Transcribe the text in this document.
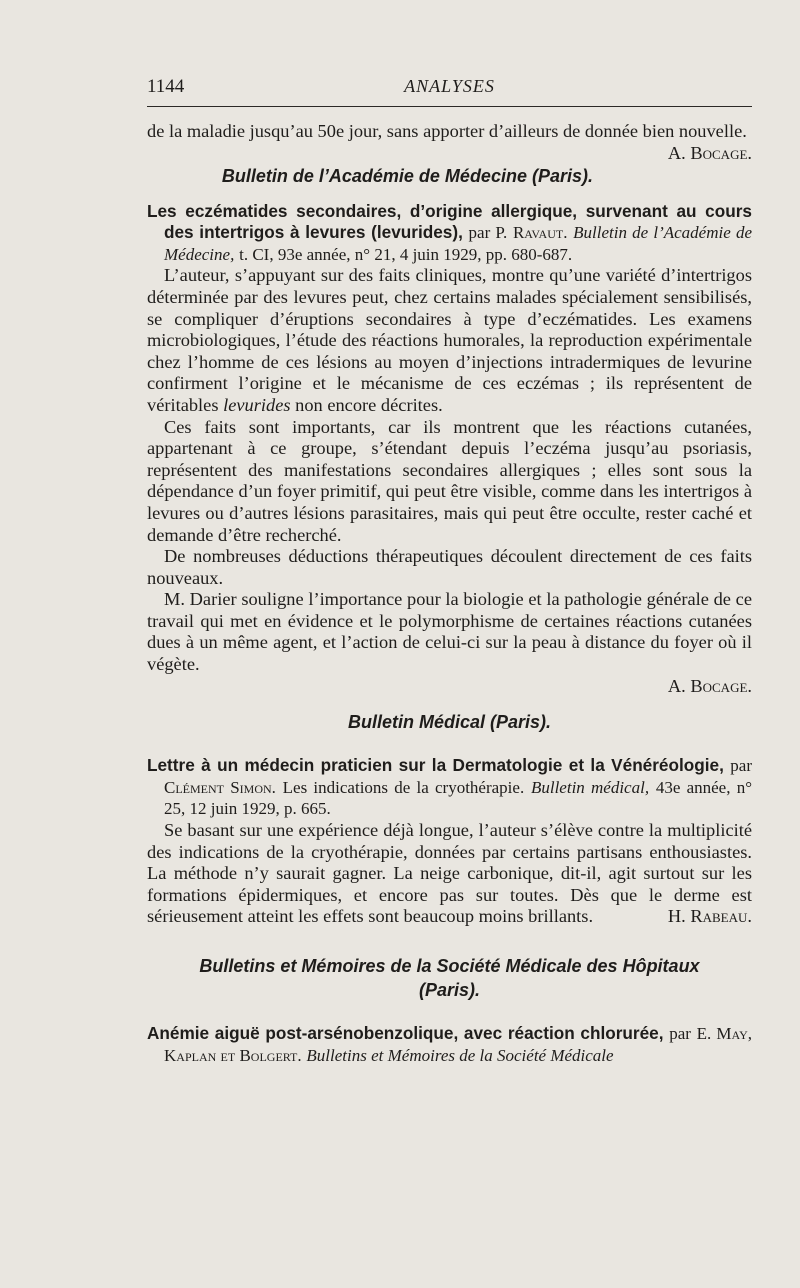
1144	ANALYSES

de la maladie jusqu’au 50e jour, sans apporter d’ailleurs de donnée bien nouvelle.
A. Bocage.

Bulletin de l’Académie de Médecine (Paris).

Les eczématides secondaires, d’origine allergique, survenant au cours des intertrigos à levures (levurides), par P. Ravaut. Bulletin de l’Académie de Médecine, t. CI, 93e année, n° 21, 4 juin 1929, pp. 680-687.

L’auteur, s’appuyant sur des faits cliniques, montre qu’une variété d’intertrigos déterminée par des levures peut, chez certains malades spécialement sensibilisés, se compliquer d’éruptions secondaires à type d’eczématides. Les examens microbiologiques, l’étude des réactions humorales, la reproduction expérimentale chez l’homme de ces lésions au moyen d’injections intradermiques de levurine confirment l’origine et le mécanisme de ces eczémas ; ils représentent de véritables levurides non encore décrites.

Ces faits sont importants, car ils montrent que les réactions cutanées, appartenant à ce groupe, s’étendant depuis l’eczéma jusqu’au psoriasis, représentent des manifestations secondaires allergiques ; elles sont sous la dépendance d’un foyer primitif, qui peut être visible, comme dans les intertrigos à levures ou d’autres lésions parasitaires, mais qui peut être occulte, rester caché et demande d’être recherché.

De nombreuses déductions thérapeutiques découlent directement de ces faits nouveaux.

M. Darier souligne l’importance pour la biologie et la pathologie générale de ce travail qui met en évidence et le polymorphisme de certaines réactions cutanées dues à un même agent, et l’action de celui-ci sur la peau à distance du foyer où il végète.

A. Bocage.

Bulletin Médical (Paris).

Lettre à un médecin praticien sur la Dermatologie et la Vénéréologie, par Clément Simon. Les indications de la cryothérapie. Bulletin médical, 43e année, n° 25, 12 juin 1929, p. 665.

Se basant sur une expérience déjà longue, l’auteur s’élève contre la multiplicité des indications de la cryothérapie, données par certains partisans enthousiastes. La méthode n’y saurait gagner. La neige carbonique, dit-il, agit surtout sur les formations épidermiques, et encore pas sur toutes. Dès que le derme est sérieusement atteint les effets sont beaucoup moins brillants.	H. Rabeau.

Bulletins et Mémoires de la Société Médicale des Hôpitaux
(Paris).

Anémie aiguë post-arsénobenzolique, avec réaction chlorurée, par E. May, Kaplan et Bolgert. Bulletins et Mémoires de la Société Médicale
